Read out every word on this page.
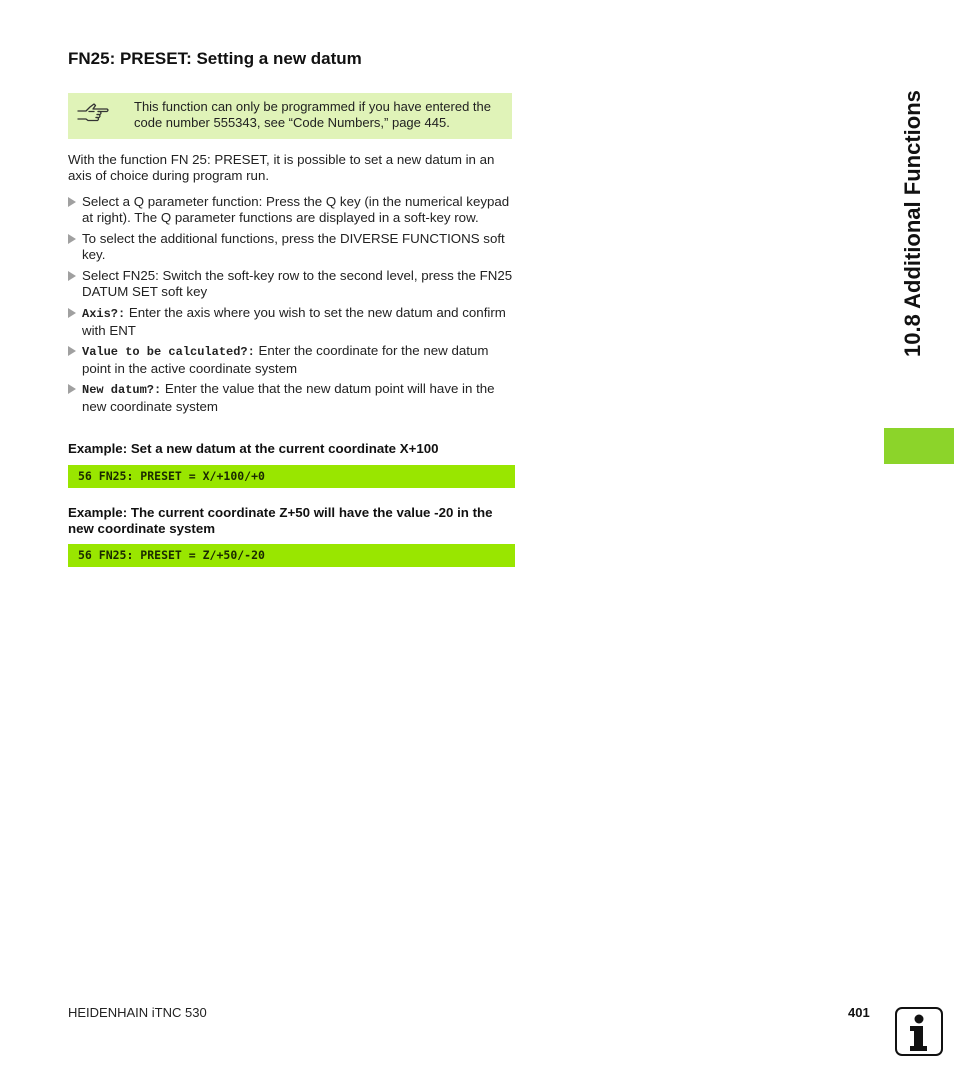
FN25: PRESET: Setting a new datum
This function can only be programmed if you have entered the code number 555343, see “Code Numbers,” page 445.
With the function FN 25: PRESET, it is possible to set a new datum in an axis of choice during program run.
Select a Q parameter function: Press the Q key (in the numerical keypad at right). The Q parameter functions are displayed in a soft-key row.
To select the additional functions, press the DIVERSE FUNCTIONS soft key.
Select FN25: Switch the soft-key row to the second level, press the FN25 DATUM SET soft key
Axis?: Enter the axis where you wish to set the new datum and confirm with ENT
Value to be calculated?: Enter the coordinate for the new datum point in the active coordinate system
New datum?: Enter the value that the new datum point will have in the new coordinate system
Example: Set a new datum at the current coordinate X+100
56 FN25: PRESET = X/+100/+0
Example: The current coordinate Z+50 will have the value -20 in the new coordinate system
56 FN25: PRESET = Z/+50/-20
10.8 Additional Functions
HEIDENHAIN iTNC 530	401
